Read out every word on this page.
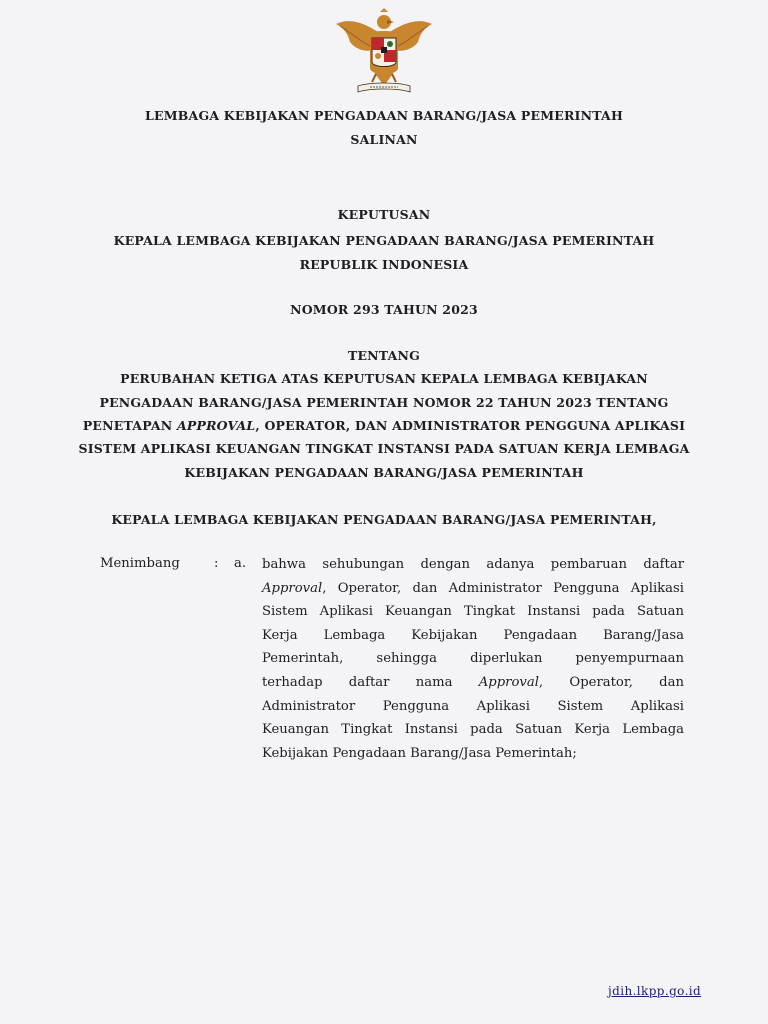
LEMBAGA KEBIJAKAN PENGADAAN BARANG/JASA PEMERINTAH
SALINAN
KEPUTUSAN
KEPALA LEMBAGA KEBIJAKAN PENGADAAN BARANG/JASA PEMERINTAH
REPUBLIK INDONESIA
NOMOR 293 TAHUN 2023
TENTANG
PERUBAHAN KETIGA ATAS KEPUTUSAN KEPALA LEMBAGA KEBIJAKAN
PENGADAAN BARANG/JASA PEMERINTAH NOMOR 22 TAHUN 2023 TENTANG
PENETAPAN APPROVAL, OPERATOR, DAN ADMINISTRATOR PENGGUNA APLIKASI
SISTEM APLIKASI KEUANGAN TINGKAT INSTANSI PADA SATUAN KERJA LEMBAGA
KEBIJAKAN PENGADAAN BARANG/JASA PEMERINTAH
KEPALA LEMBAGA KEBIJAKAN PENGADAAN BARANG/JASA PEMERINTAH,
Menimbang	: a. bahwa sehubungan dengan adanya pembaruan daftar
Approval, Operator, dan Administrator Pengguna Aplikasi
Sistem Aplikasi Keuangan Tingkat Instansi pada Satuan
Kerja Lembaga Kebijakan Pengadaan Barang/Jasa
Pemerintah, sehingga diperlukan penyempurnaan
terhadap daftar nama Approval, Operator, dan
Administrator Pengguna Aplikasi Sistem Aplikasi
Keuangan Tingkat Instansi pada Satuan Kerja Lembaga
Kebijakan Pengadaan Barang/Jasa Pemerintah;
jdih.lkpp.go.id
